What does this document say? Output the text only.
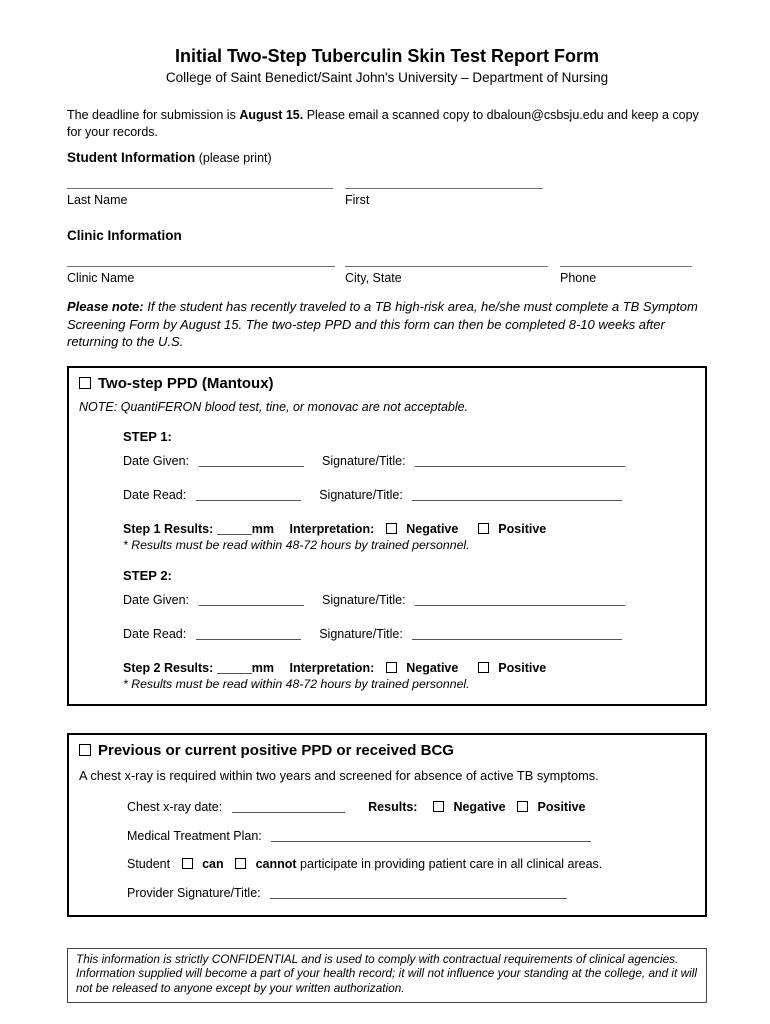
Initial Two-Step Tuberculin Skin Test Report Form
College of Saint Benedict/Saint John's University – Department of Nursing

The deadline for submission is August 15. Please email a scanned copy to dbaloun@csbsju.edu and keep a copy for your records.

Student Information (please print)
Last Name	First
Clinic Information
Clinic Name	City, State	Phone

Please note: If the student has recently traveled to a TB high-risk area, he/she must complete a TB Symptom Screening Form by August 15. The two-step PPD and this form can then be completed 8-10 weeks after returning to the U.S.

Two-step PPD (Mantoux)
NOTE: QuantiFERON blood test, tine, or monovac are not acceptable.
STEP 1:
Date Given:	Signature/Title:
Date Read:	Signature/Title:
Step 1 Results:	mm Interpretation:	Negative	Positive
* Results must be read within 48-72 hours by trained personnel.
STEP 2:
Date Given:	Signature/Title:
Date Read:	Signature/Title:
Step 2 Results:	mm Interpretation:	Negative	Positive
* Results must be read within 48-72 hours by trained personnel.
Previous or current positive PPD or received BCG
A chest x-ray is required within two years and screened for absence of active TB symptoms.
Chest x-ray date:	Results:	Negative	Positive
Medical Treatment Plan:
Student	can	cannot participate in providing patient care in all clinical areas.
Provider Signature/Title:
This information is strictly CONFIDENTIAL and is used to comply with contractual requirements of clinical agencies. Information supplied will become a part of your health record; it will not influence your standing at the college, and it will not be released to anyone except by your written authorization.
